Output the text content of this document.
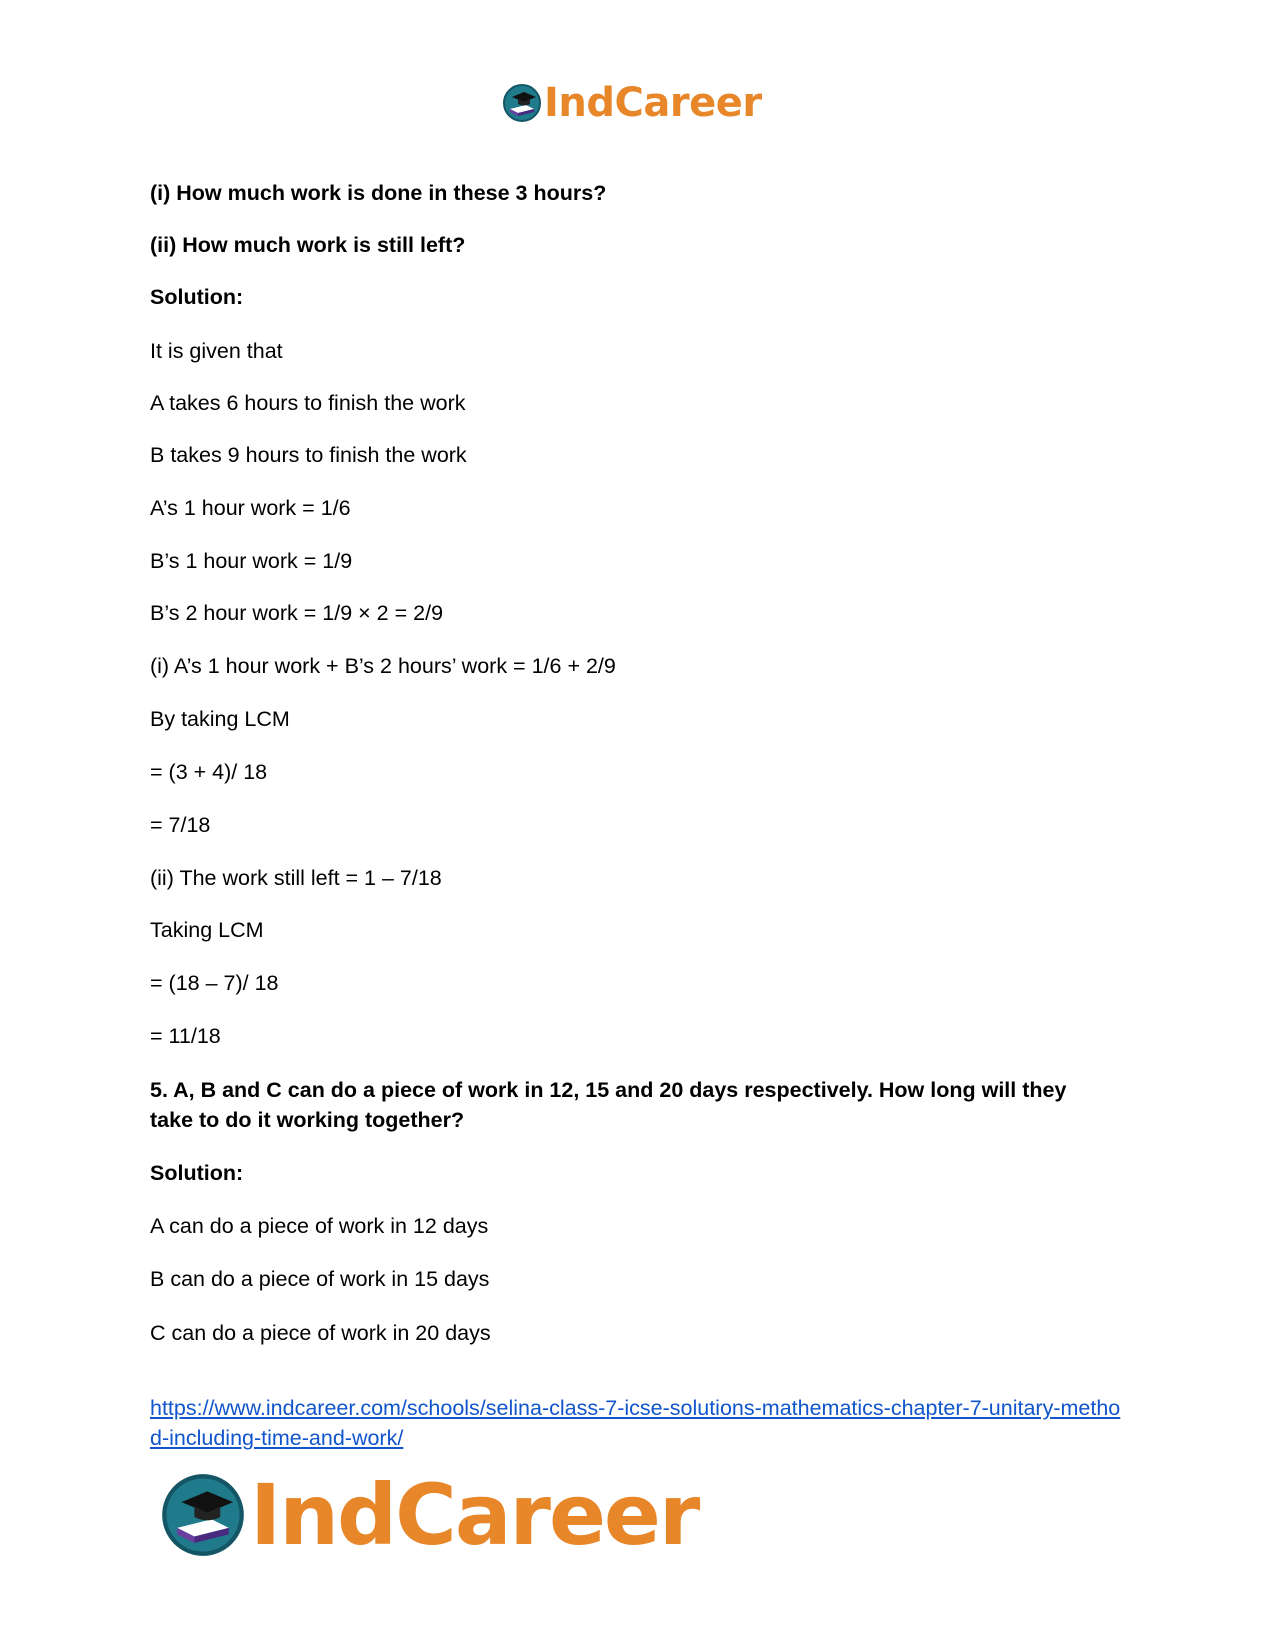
IndCareer
(i) How much work is done in these 3 hours?
(ii) How much work is still left?
Solution:
It is given that
A takes 6 hours to finish the work
B takes 9 hours to finish the work
A’s 1 hour work = 1/6
B’s 1 hour work = 1/9
B’s 2 hour work = 1/9 × 2 = 2/9
(i) A’s 1 hour work + B’s 2 hours’ work = 1/6 + 2/9
By taking LCM
= (3 + 4)/ 18
= 7/18
(ii) The work still left = 1 – 7/18
Taking LCM
= (18 – 7)/ 18
= 11/18
5. A, B and C can do a piece of work in 12, 15 and 20 days respectively. How long will they take to do it working together?
Solution:
A can do a piece of work in 12 days
B can do a piece of work in 15 days
C can do a piece of work in 20 days
https://www.indcareer.com/schools/selina-class-7-icse-solutions-mathematics-chapter-7-unitary-method-including-time-and-work/
IndCareer
